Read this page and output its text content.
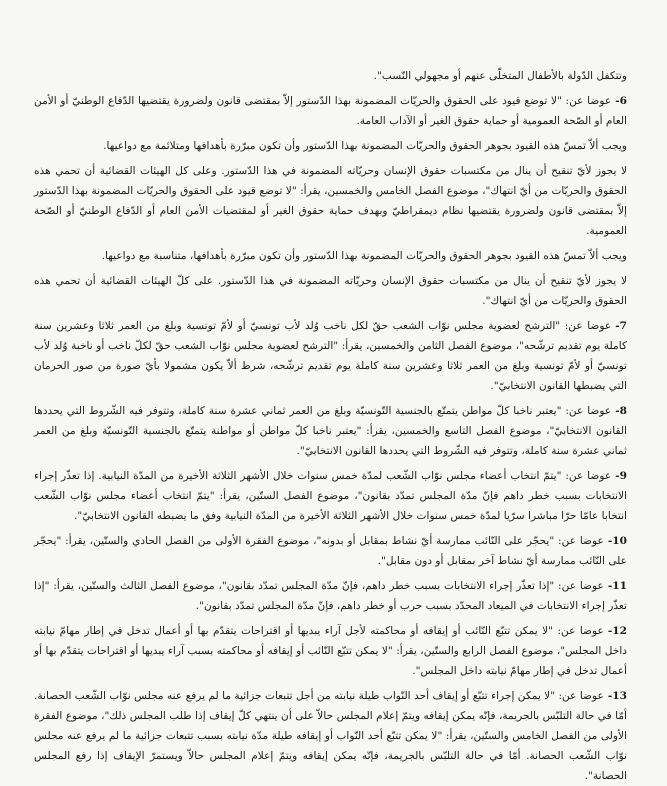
وتتكفل الدّولة بالأطفال المتخلّى عنهم أو مجهولي النّسب".

6-عوضا عن: "لا توضع قيود على الحقوق والحريّات المضمونة بهذا الدّستور إلاّ بمقتضى قانون ولضرورة يقتضيها الدّفاع الوطنيّ أو الأمن العام أو الصّحة العمومية أو حماية حقوق الغير أو الآداب العامة.

ويجب ألاّ تمسّ هذه القيود بجوهر الحقوق والحريّات المضمونة بهذا الدّستور وأن تكون مبرّرة بأهدافها ومتلائمة مع دواعيها.

لا يجوز لأيّ تنقيح أن ينال من مكتسبات حقوق الإنسان وحريّاته المضمونة في هذا الدّستور. وعلى كل الهيئات القضائية أن تحمي هذه الحقوق والحريّات من أيّ انتهاك"، موضوع الفصل الخامس والخمسين، يقرأ: "لا توضع قيود على الحقوق والحريّات المضمونة بهذا الدّستور إلاّ بمقتضى قانون ولضرورة يقتضيها نظام ديمقراطيّ وبهدف حماية حقوق الغير أو لمقتضيات الأمن العام أو الدّفاع الوطنيّ أو الصّحة العمومية.

ويجب ألاّ تمسّ هذه القيود بجوهر الحقوق والحريّات المضمونة بهذا الدّستور وأن تكون مبرّرة بأهدافها، متناسبة مع دواعيها.

لا يجوز لأيّ تنقيح أن ينال من مكتسبات حقوق الإنسان وحريّاته المضمونة في هذا الدّستور. على كلّ الهيئات القضائية أن تحمي هذه الحقوق والحريّات من أيّ انتهاك".

7-عوضا عن: "الترشح لعضوية مجلس نوّاب الشعب حقّ لكل ناخب وُلد لأب تونسيّ أو لأمّ تونسية وبلغ من العمر ثلاثا وعشرين سنة كاملة يوم تقديم ترشّحه"، موضوع الفصل الثامن والخمسين، يقرأ: "الترشح لعضوية مجلس نوّاب الشعب حقّ لكلّ ناخب أو ناخبة وُلد لأب تونسيّ أو لأمّ تونسية وبلغ من العمر ثلاثا وعشرين سنة كاملة يوم تقديم ترشّحه، شرط ألاّ يكون مشمولا بأيّ صورة من صور الحرمان التي يضبطها القانون الانتخابيّ".

8-عوضا عن: "يعتبر ناخبا كلّ مواطن يتمتّع بالجنسية التّونسيّة وبلغ من العمر ثماني عشرة سنة كاملة، وتتوفر فيه الشّروط التي يحددها القانون الانتخابيّ"، موضوع الفصل التاسع والخمسين، يقرأ: "يعتبر ناخبا كلّ مواطن أو مواطنة يتمتّع بالجنسية التّونسيّة وبلغ من العمر ثماني عشرة سنة كاملة، وتتوفر فيه الشّروط التي يحددها القانون الانتخابيّ".

9-عوضا عن: "يتمّ انتخاب أعضاء مجلس نوّاب الشّعب لمدّة خمس سنوات خلال الأشهر الثلاثة الأخيرة من المدّة النيابية. إذا تعذّر إجراء الانتخابات بسبب خطر داهم فإنّ مدّة المجلس تمدّد بقانون"، موضوع الفصل الستّين، يقرأ: "يتمّ انتخاب أعضاء مجلس نوّاب الشّعب انتخابا عامّا حرّا مباشرا سرّيا لمدّة خمس سنوات خلال الأشهر الثلاثة الأخيرة من المدّة النيابية وفق ما يضبطه القانون الانتخابيّ".

10-عوضا عن: "يحجّر على النّائب ممارسة أيّ نشاط بمقابل أو بدونه"، موضوع الفقرة الأولى من الفصل الحادي والستّين، يقرأ: "يحجّر على النّائب ممارسة أيّ نشاط آخر بمقابل أو دون مقابل".

11-عوضا عن: "إذا تعذّر إجراء الانتخابات بسبب خطر داهم، فإنّ مدّة المجلس تمدّد بقانون"، موضوع الفصل الثالث والستّين، يقرأ: "إذا تعذّر إجراء الانتخابات في الميعاد المحدّد بسبب حرب أو خطر داهم، فإنّ مدّة المجلس تمدّد بقانون".

12-عوضا عن: "لا يمكن تتبّع النّائب أو إيقافه أو محاكمته لأجل آراء يبديها أو اقتراحات يتقدّم بها أو أعمال تدخل في إطار مهامّ نيابته داخل المجلس"، موضوع الفصل الرابع والستّين، يقرأ: "لا يمكن تتبّع النّائب أو إيقافه أو محاكمته بسبب آراء يبديها أو اقتراحات يتقدّم بها أو أعمال تدخل في إطار مهامّ نيابته داخل المجلس".

13-عوضا عن: "لا يمكن إجراء تتبّع أو إيقاف أحد النّواب طيلة نيابته من أجل تتبعات جزائية ما لم يرفع عنه مجلس نوّاب الشّعب الحصانة. أمّا في حالة التلبّس بالجريمة، فإنّه يمكن إيقافه ويتمّ إعلام المجلس حالاّ على أن ينتهي كلّ إيقاف إذا طلب المجلس ذلك"، موضوع الفقرة الأولى من الفصل الخامس والستّين، يقرأ: "لا يمكن تتبّع أحد النّواب أو إيقافه طيلة مدّة نيابته بسبب تتبعات جزائية ما لم يرفع عنه مجلس نوّاب الشّعب الحصانة. أمّا في حالة التلبّس بالجريمة، فإنّه يمكن إيقافه ويتمّ إعلام المجلس حالاّ ويستمرّ الإيقاف إذا رفع المجلس الحصانة".
